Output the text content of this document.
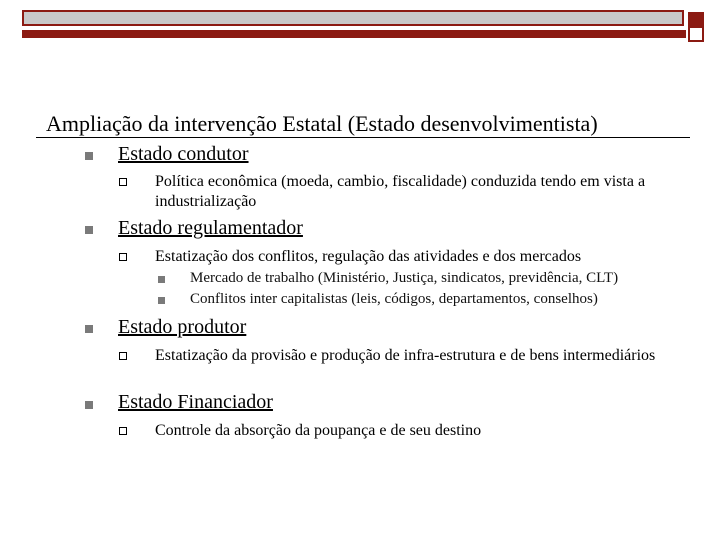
Ampliação da intervenção Estatal (Estado desenvolvimentista)
Estado condutor
Política econômica (moeda, cambio, fiscalidade) conduzida tendo em vista a industrialização
Estado regulamentador
Estatização dos conflitos, regulação das atividades e dos mercados
Mercado de trabalho (Ministério, Justiça, sindicatos, previdência, CLT)
Conflitos inter capitalistas (leis, códigos, departamentos, conselhos)
Estado produtor
Estatização da provisão e produção de infra-estrutura e de bens intermediários
Estado Financiador
Controle da absorção da poupança e de seu destino
